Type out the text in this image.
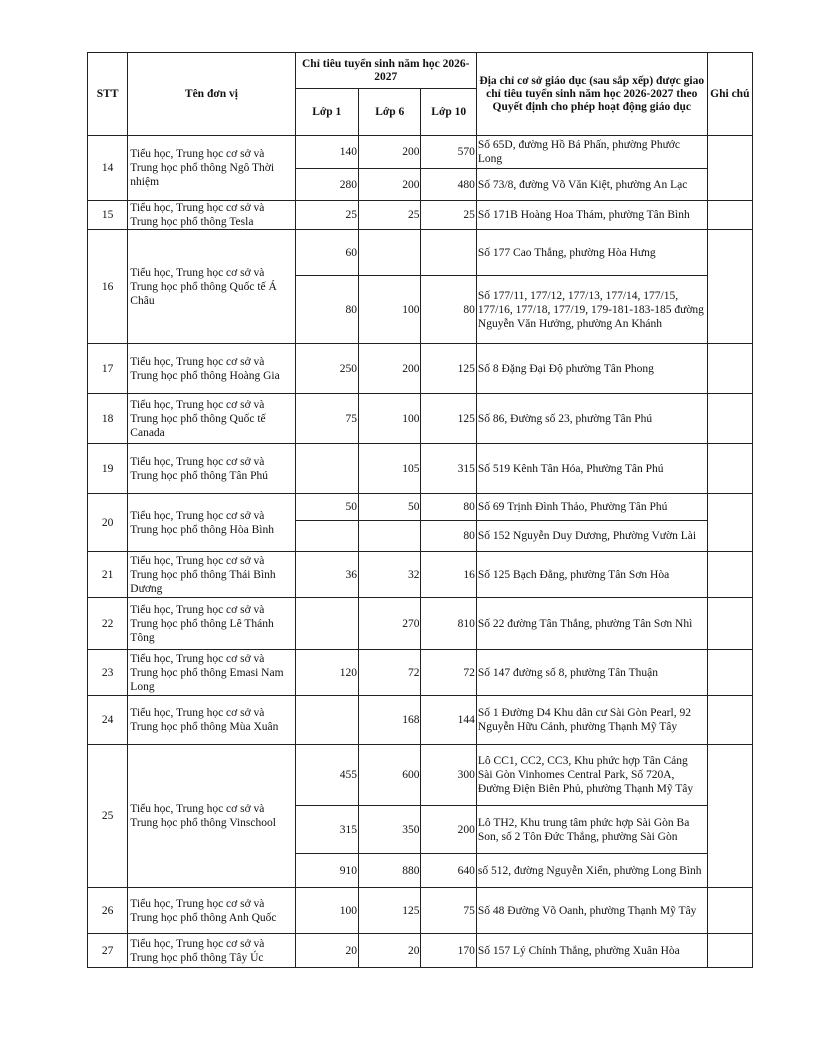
STT	Tên đơn vị	Chỉ tiêu tuyển sinh năm học 2026-2027			Địa chỉ cơ sở giáo dục (sau sắp xếp) được giao chỉ tiêu tuyển sinh năm học 2026-2027 theo Quyết định cho phép hoạt động giáo dục	Ghi chú
		Lớp 1	Lớp 6	Lớp 10		
14	Tiểu học, Trung học cơ sở và Trung học phổ thông Ngô Thời nhiệm	140	200	570	Số 65D, đường Hồ Bá Phấn, phường Phước Long	
		280	200	480	Số 73/8, đường Võ Văn Kiệt, phường An Lạc	
15	Tiểu học, Trung học cơ sở và Trung học phổ thông Tesla	25	25	25	Số 171B Hoàng Hoa Thám, phường Tân Bình	
16	Tiểu học, Trung học cơ sở và Trung học phổ thông Quốc tế Á Châu	60			Số 177 Cao Thắng, phường Hòa Hưng	
		80	100	80	Số 177/11, 177/12, 177/13, 177/14, 177/15, 177/16, 177/18, 177/19, 179-181-183-185 đường Nguyễn Văn Hưởng, phường An Khánh	
17	Tiểu học, Trung học cơ sở và Trung học phổ thông Hoàng Gia	250	200	125	Số 8 Đặng Đại Độ phường Tân Phong	
18	Tiểu học, Trung học cơ sở và Trung học phổ thông Quốc tế Canada	75	100	125	Số 86, Đường số 23, phường Tân Phú	
19	Tiểu học, Trung học cơ sở và Trung học phổ thông Tân Phú		105	315	Số 519 Kênh Tân Hóa, Phường Tân Phú	
20	Tiểu học, Trung học cơ sở và Trung học phổ thông Hòa Bình	50	50	80	Số 69 Trịnh Đình Thảo, Phường Tân Phú	
				80	Số 152 Nguyễn Duy Dương, Phường Vườn Lài	
21	Tiểu học, Trung học cơ sở và Trung học phổ thông Thái Bình Dương	36	32	16	Số 125 Bạch Đằng, phường Tân Sơn Hòa	
22	Tiểu học, Trung học cơ sở và Trung học phổ thông Lê Thánh Tông		270	810	Số 22 đường Tân Thắng, phường Tân Sơn Nhì	
23	Tiểu học, Trung học cơ sở và Trung học phổ thông Emasi Nam Long	120	72	72	Số 147 đường số 8, phường Tân Thuận	
24	Tiểu học, Trung học cơ sở và Trung học phổ thông Mùa Xuân		168	144	Số 1 Đường D4 Khu dân cư Sài Gòn Pearl, 92 Nguyễn Hữu Cảnh, phường Thạnh Mỹ Tây	
25	Tiểu học, Trung học cơ sở và Trung học phổ thông Vinschool	455	600	300	Lô CC1, CC2, CC3, Khu phức hợp Tân Cảng Sài Gòn Vinhomes Central Park, Số 720A, Đường Điện Biên Phủ, phường Thạnh Mỹ Tây	
		315	350	200	Lô TH2, Khu trung tâm phức hợp Sài Gòn Ba Son, số 2 Tôn Đức Thắng, phường Sài Gòn	
		910	880	640	số 512, đường Nguyễn Xiển, phường Long Bình	
26	Tiểu học, Trung học cơ sở và Trung học phổ thông Anh Quốc	100	125	75	Số 48 Đường Võ Oanh, phường Thạnh Mỹ Tây	
27	Tiểu học, Trung học cơ sở và Trung học phổ thông Tây Úc	20	20	170	Số 157 Lý Chính Thắng, phường Xuân Hòa	
